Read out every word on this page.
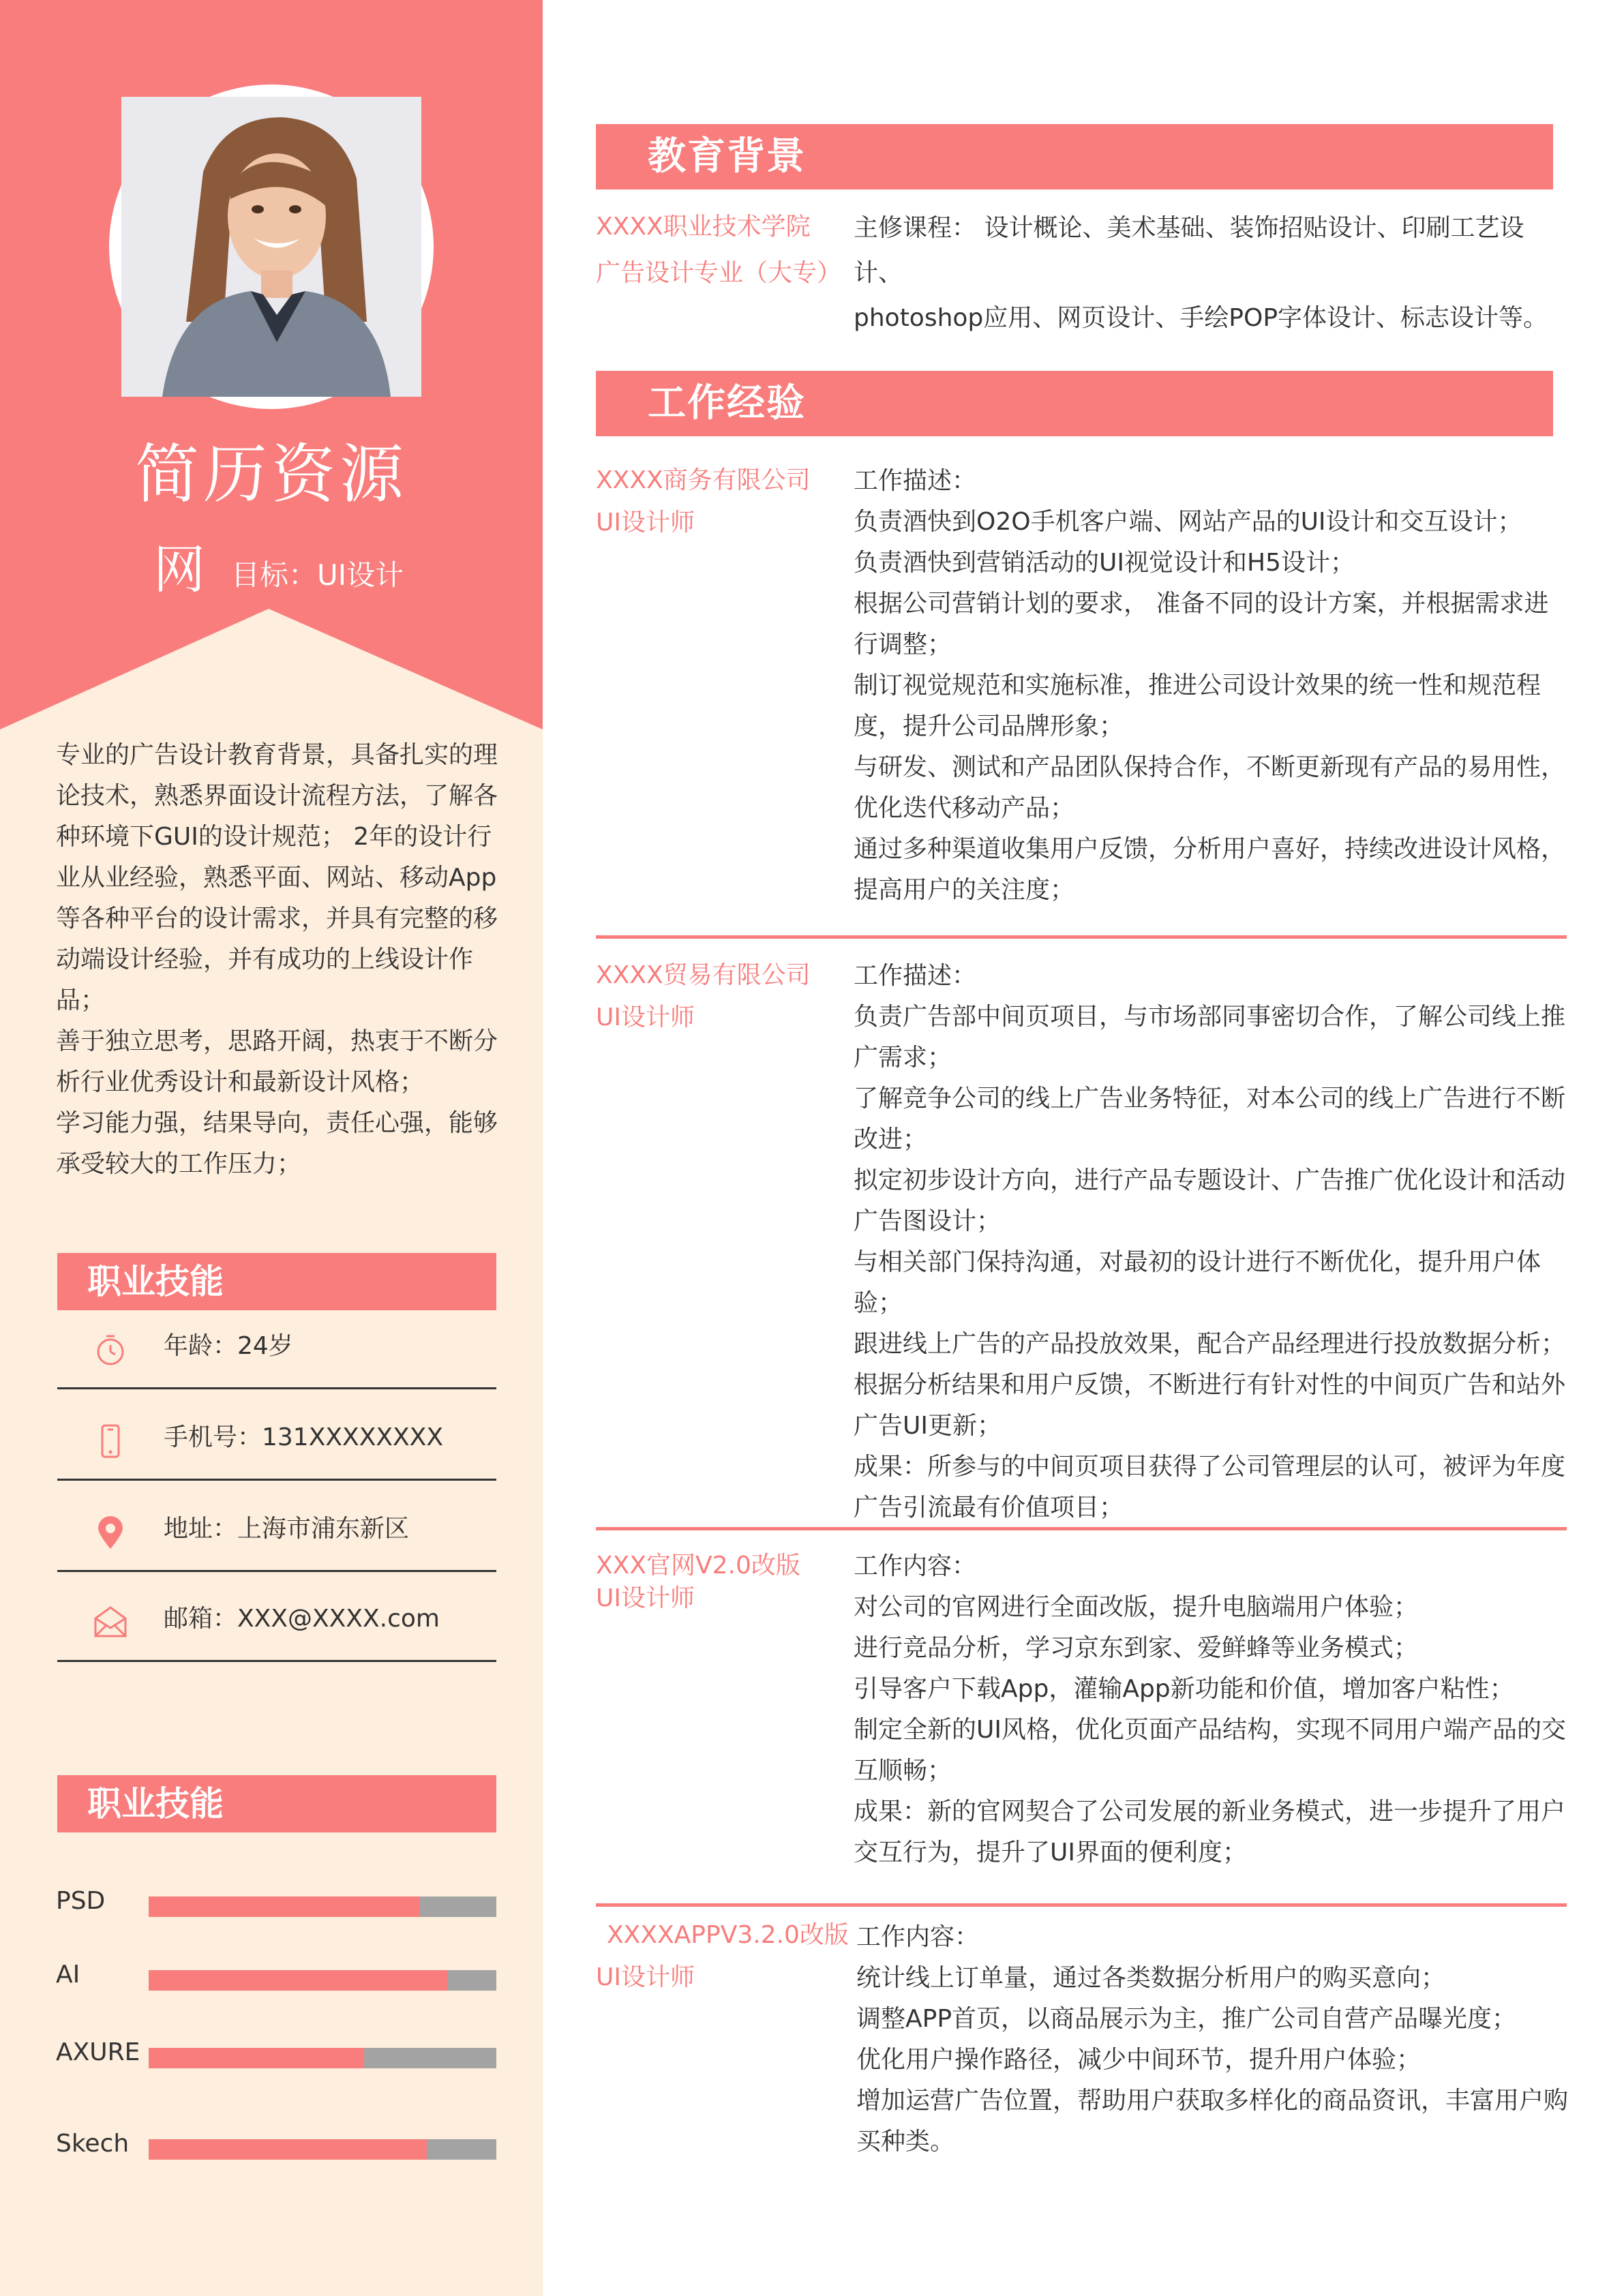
简历资源
网目标：UI设计

专业的广告设计教育背景，具备扎实的理论技术，熟悉界面设计流程方法，了解各种环境下GUI的设计规范； 2年的设计行业从业经验，熟悉平面、网站、移动App等各种平台的设计需求，并具有完整的移动端设计经验，并有成功的上线设计作品；

善于独立思考，思路开阔，热衷于不断分析行业优秀设计和最新设计风格；

学习能力强，结果导向，责任心强，能够承受较大的工作压力；

职业技能
年龄：24岁
手机号：131XXXXXXXX
地址：上海市浦东新区
邮箱：XXX@XXXX.com
职业技能
PSD
AI
AXURE
Skech
教育背景
XXXX职业技术学院
广告设计专业（大专）

主修课程： 设计概论、美术基础、装饰招贴设计、印刷工艺设计、

photoshop应用、网页设计、手绘POP字体设计、标志设计等。

工作经验
XXXX商务有限公司
UI设计师

工作描述：

负责酒快到O2O手机客户端、网站产品的UI设计和交互设计；

负责酒快到营销活动的UI视觉设计和H5设计；

根据公司营销计划的要求， 准备不同的设计方案，并根据需求进行调整；

制订视觉规范和实施标准，推进公司设计效果的统一性和规范程度，提升公司品牌形象；

与研发、测试和产品团队保持合作，不断更新现有产品的易用性，优化迭代移动产品；

通过多种渠道收集用户反馈，分析用户喜好，持续改进设计风格，提高用户的关注度；

XXXX贸易有限公司
UI设计师

工作描述：

负责广告部中间页项目，与市场部同事密切合作，了解公司线上推广需求；

了解竞争公司的线上广告业务特征，对本公司的线上广告进行不断改进；

拟定初步设计方向，进行产品专题设计、广告推广优化设计和活动广告图设计；

与相关部门保持沟通，对最初的设计进行不断优化，提升用户体验；

跟进线上广告的产品投放效果，配合产品经理进行投放数据分析；

根据分析结果和用户反馈，不断进行有针对性的中间页广告和站外广告UI更新；

成果：所参与的中间页项目获得了公司管理层的认可，被评为年度广告引流最有价值项目；

XXX官网V2.0改版
UI设计师

工作内容：

对公司的官网进行全面改版，提升电脑端用户体验；

进行竞品分析，学习京东到家、爱鲜蜂等业务模式；

引导客户下载App，灌输App新功能和价值，增加客户粘性；

制定全新的UI风格，优化页面产品结构，实现不同用户端产品的交互顺畅；

成果：新的官网契合了公司发展的新业务模式，进一步提升了用户交互行为，提升了UI界面的便利度；

XXXXAPPV3.2.0改版
UI设计师

工作内容：

统计线上订单量，通过各类数据分析用户的购买意向；

调整APP首页，以商品展示为主，推广公司自营产品曝光度；

优化用户操作路径，减少中间环节，提升用户体验；

增加运营广告位置，帮助用户获取多样化的商品资讯，丰富用户购买种类。
